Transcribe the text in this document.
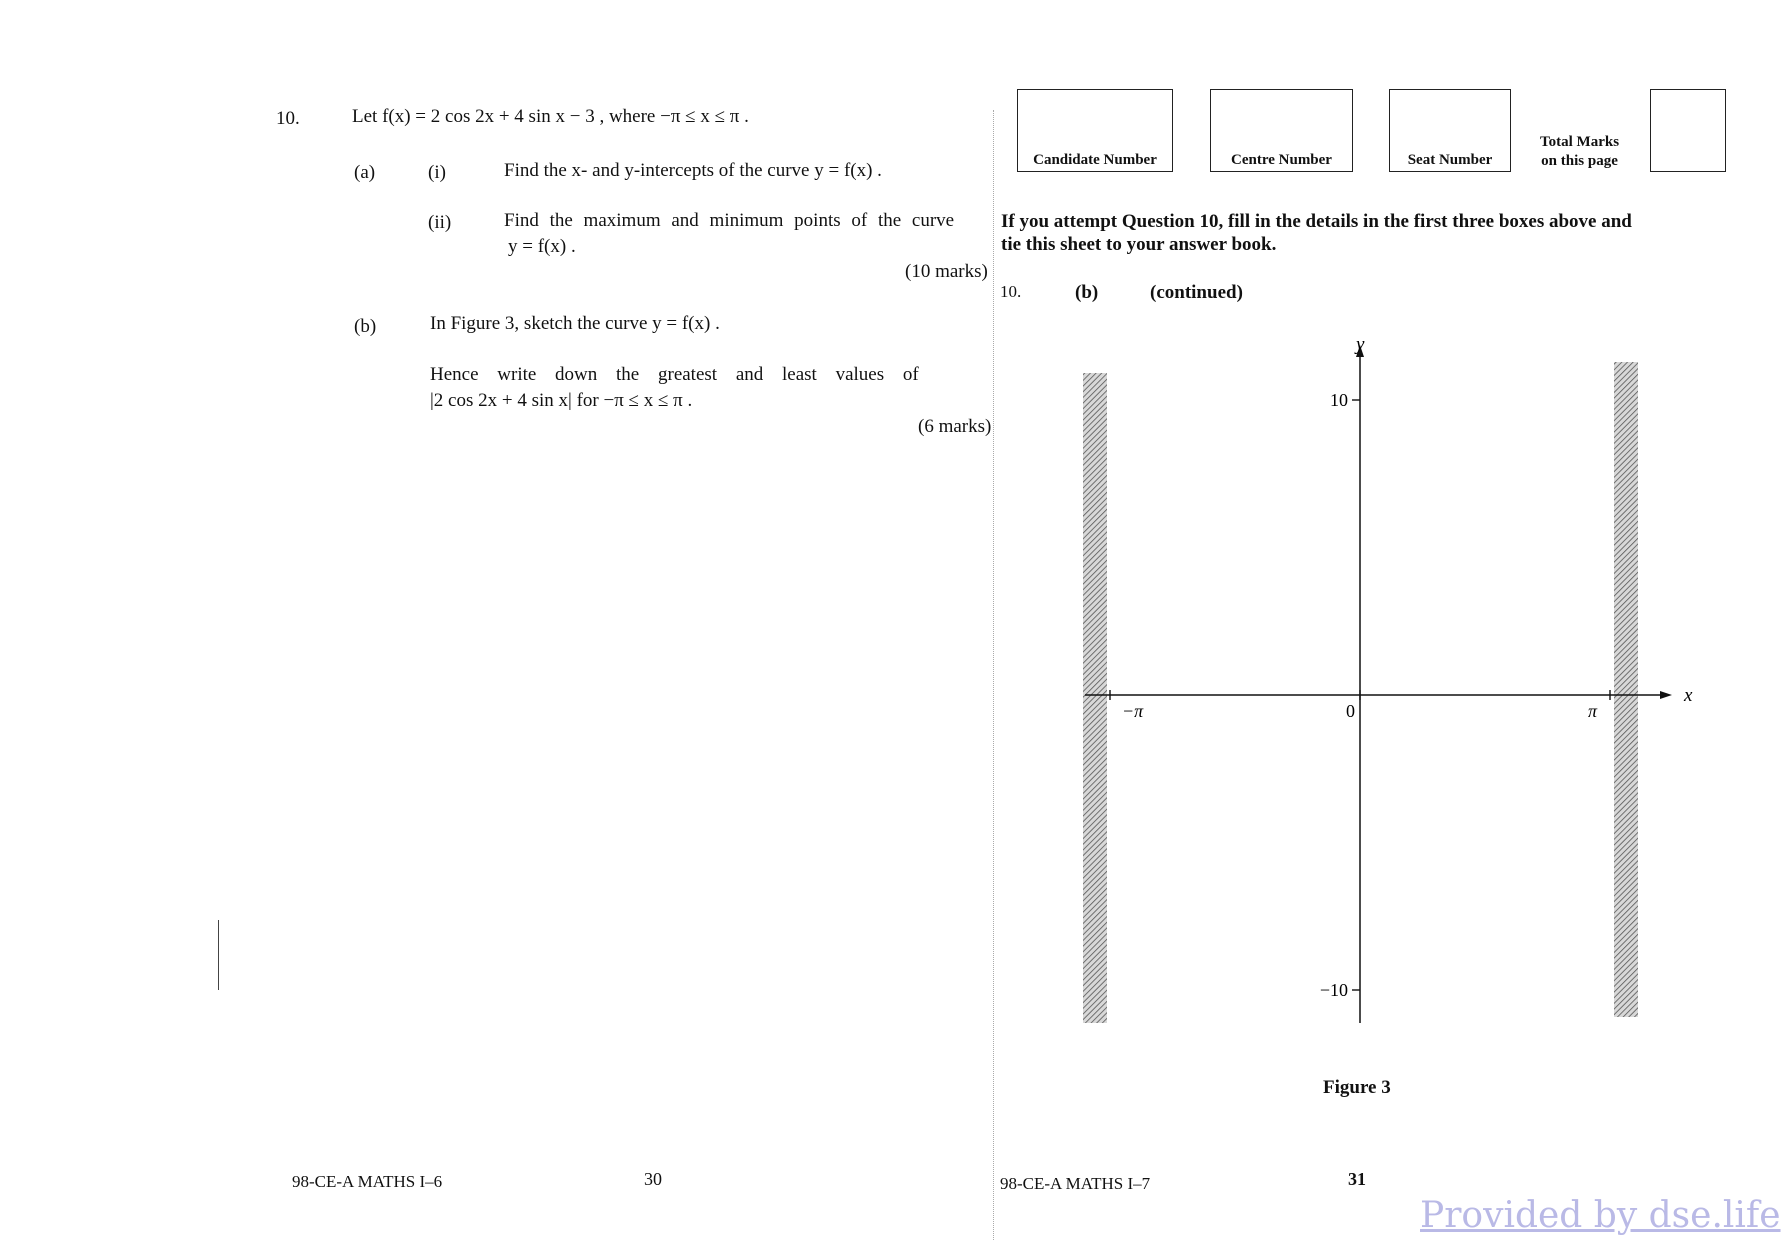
10.	Let f(x) = 2 cos 2x + 4 sin x − 3 , where −π ≤ x ≤ π .
(a)	(i)	Find the x- and y-intercepts of the curve y = f(x) .
(ii)	Find the maximum and minimum points of the curve
y = f(x) .
(10 marks)
(b)	In Figure 3, sketch the curve y = f(x) .
Hence write down the greatest and least values of
|2 cos 2x + 4 sin x| for −π ≤ x ≤ π .
(6 marks)
98-CE-A MATHS I–6	30
Candidate Number	Centre Number	Seat Number
Total Marks
on this page
If you attempt Question 10, fill in the details in the first three boxes above and
tie this sheet to your answer book.
10.	(b)	(continued)
x
y
−π	0	π
10
−10
Figure 3
98-CE-A MATHS I–7	31
Provided by dse.life
